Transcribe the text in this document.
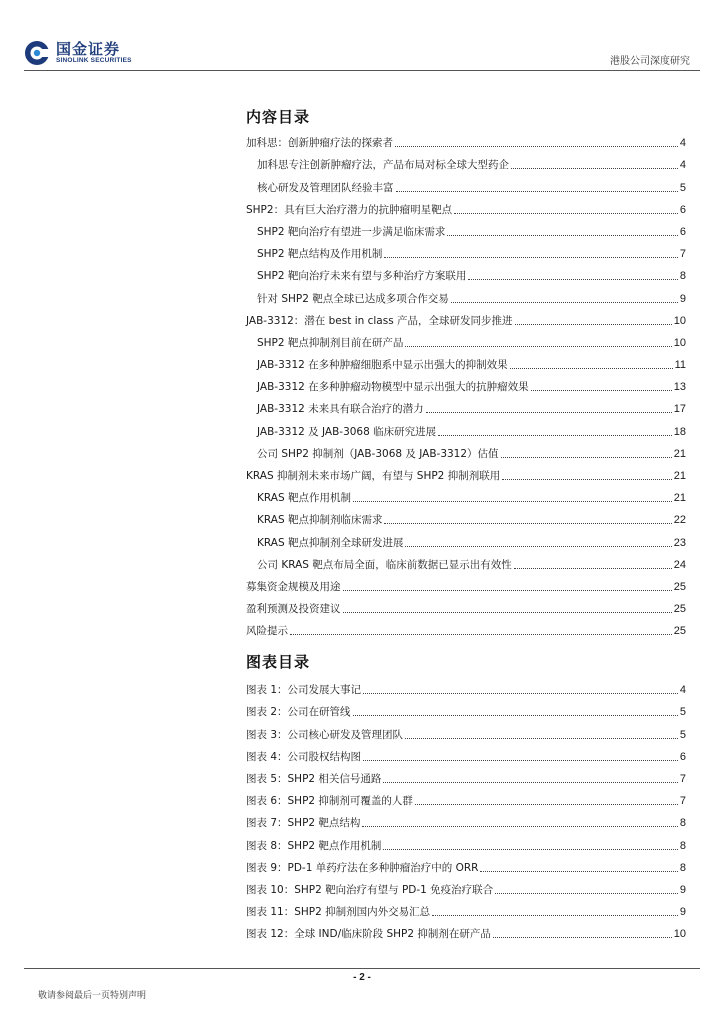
国金证券
SINOLINK SECURITIES	港股公司深度研究
内容目录
加科思：创新肿瘤疗法的探索者	4
加科思专注创新肿瘤疗法，产品布局对标全球大型药企	4
核心研发及管理团队经验丰富	5
SHP2：具有巨大治疗潜力的抗肿瘤明星靶点	6
SHP2 靶向治疗有望进一步满足临床需求	6
SHP2 靶点结构及作用机制	7
SHP2 靶向治疗未来有望与多种治疗方案联用	8
针对 SHP2 靶点全球已达成多项合作交易	9
JAB-3312：潜在 best in class 产品，全球研发同步推进	10
SHP2 靶点抑制剂目前在研产品	10
JAB-3312 在多种肿瘤细胞系中显示出强大的抑制效果	11
JAB-3312 在多种肿瘤动物模型中显示出强大的抗肿瘤效果	13
JAB-3312 未来具有联合治疗的潜力	17
JAB-3312 及 JAB-3068 临床研究进展	18
公司 SHP2 抑制剂（JAB-3068 及 JAB-3312）估值	21
KRAS 抑制剂未来市场广阔，有望与 SHP2 抑制剂联用	21
KRAS 靶点作用机制	21
KRAS 靶点抑制剂临床需求	22
KRAS 靶点抑制剂全球研发进展	23
公司 KRAS 靶点布局全面，临床前数据已显示出有效性	24
募集资金规模及用途	25
盈利预测及投资建议	25
风险提示	25
图表目录
图表 1：公司发展大事记	4
图表 2：公司在研管线	5
图表 3：公司核心研发及管理团队	5
图表 4：公司股权结构图	6
图表 5：SHP2 相关信号通路	7
图表 6：SHP2 抑制剂可覆盖的人群	7
图表 7：SHP2 靶点结构	8
图表 8：SHP2 靶点作用机制	8
图表 9：PD-1 单药疗法在多种肿瘤治疗中的 ORR	8
图表 10：SHP2 靶向治疗有望与 PD-1 免疫治疗联合	9
图表 11：SHP2 抑制剂国内外交易汇总	9
图表 12：全球 IND/临床阶段 SHP2 抑制剂在研产品	10
- 2 -
敬请参阅最后一页特别声明
